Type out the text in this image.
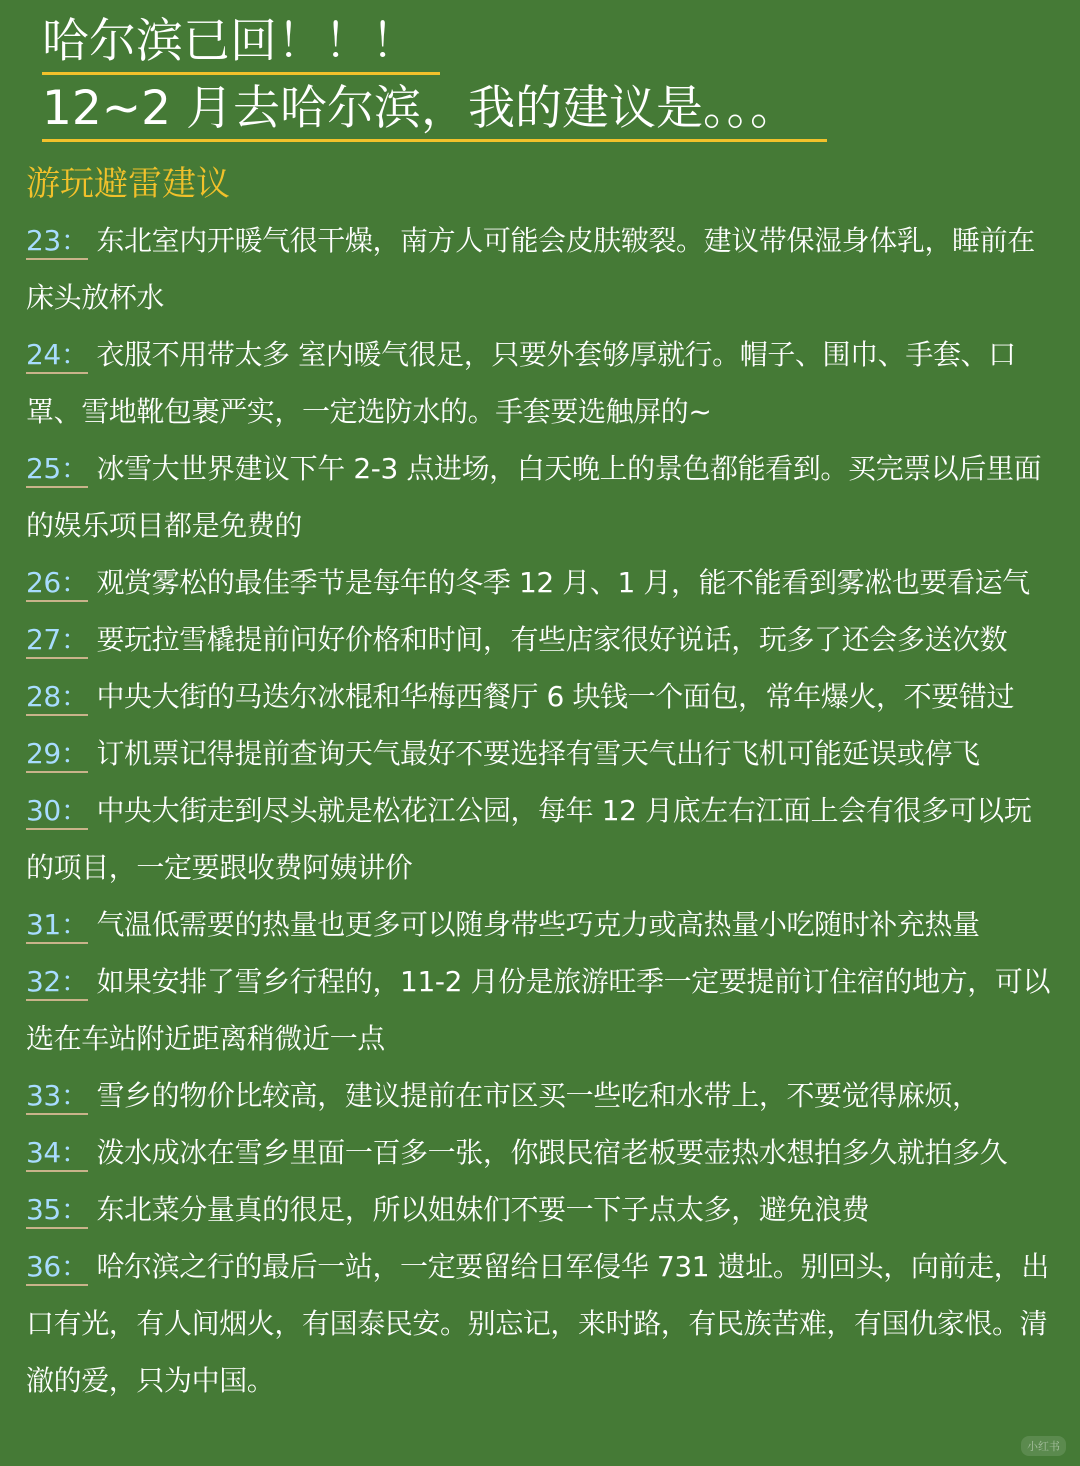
哈尔滨已回！！！
12~2 月去哈尔滨，我的建议是。。。
游玩避雷建议
23： 东北室内开暖气很干燥，南方人可能会皮肤皲裂。建议带保湿身体乳，睡前在床头放杯水
24： 衣服不用带太多 室内暖气很足，只要外套够厚就行。帽子、围巾、手套、口罩、雪地靴包裹严实，一定选防水的。手套要选触屏的~
25： 冰雪大世界建议下午 2-3 点进场，白天晚上的景色都能看到。买完票以后里面的娱乐项目都是免费的
26： 观赏雾松的最佳季节是每年的冬季 12 月、1 月，能不能看到雾凇也要看运气
27： 要玩拉雪橇提前问好价格和时间，有些店家很好说话，玩多了还会多送次数
28： 中央大街的马迭尔冰棍和华梅西餐厅 6 块钱一个面包，常年爆火，不要错过
29： 订机票记得提前查询天气最好不要选择有雪天气出行飞机可能延误或停飞
30： 中央大街走到尽头就是松花江公园，每年 12 月底左右江面上会有很多可以玩的项目，一定要跟收费阿姨讲价
31： 气温低需要的热量也更多可以随身带些巧克力或高热量小吃随时补充热量
32： 如果安排了雪乡行程的，11-2 月份是旅游旺季一定要提前订住宿的地方，可以选在车站附近距离稍微近一点
33： 雪乡的物价比较高，建议提前在市区买一些吃和水带上，不要觉得麻烦，
34： 泼水成冰在雪乡里面一百多一张，你跟民宿老板要壶热水想拍多久就拍多久
35： 东北菜分量真的很足，所以姐妹们不要一下子点太多，避免浪费
36： 哈尔滨之行的最后一站，一定要留给日军侵华 731 遗址。别回头，向前走，出口有光，有人间烟火，有国泰民安。别忘记，来时路，有民族苦难，有国仇家恨。清澈的爱，只为中国。
小红书
